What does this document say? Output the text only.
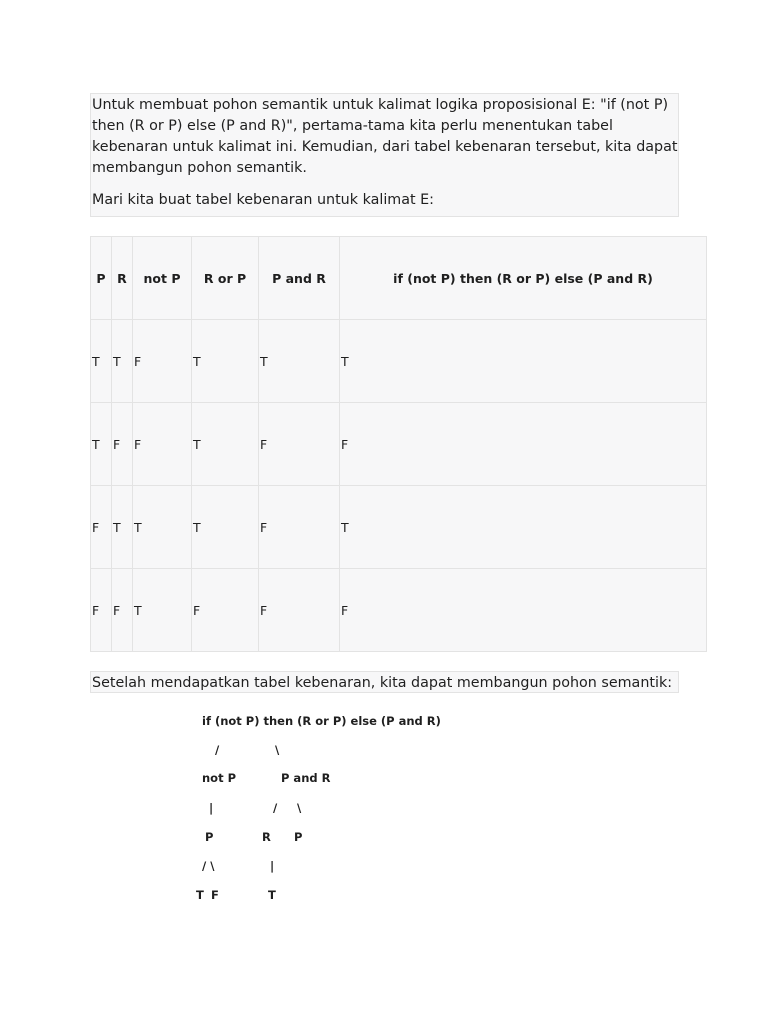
Untuk membuat pohon semantik untuk kalimat logika proposisional E: "if (not P) then (R or P) else (P and R)", pertama-tama kita perlu menentukan tabel kebenaran untuk kalimat ini. Kemudian, dari tabel kebenaran tersebut, kita dapat membangun pohon semantik.

Mari kita buat tabel kebenaran untuk kalimat E:

P	R	not P	R or P	P and R	if (not P) then (R or P) else (P and R)
T	T	F	T	T	T
T	F	F	T	F	F
F	T	T	T	F	T
F	F	T	F	F	F

Setelah mendapatkan tabel kebenaran, kita dapat membangun pohon semantik:

if (not P) then (R or P) else (P and R)
/	\
not P	P and R
|	/ \
P	R P
/ \	|
T F	T
